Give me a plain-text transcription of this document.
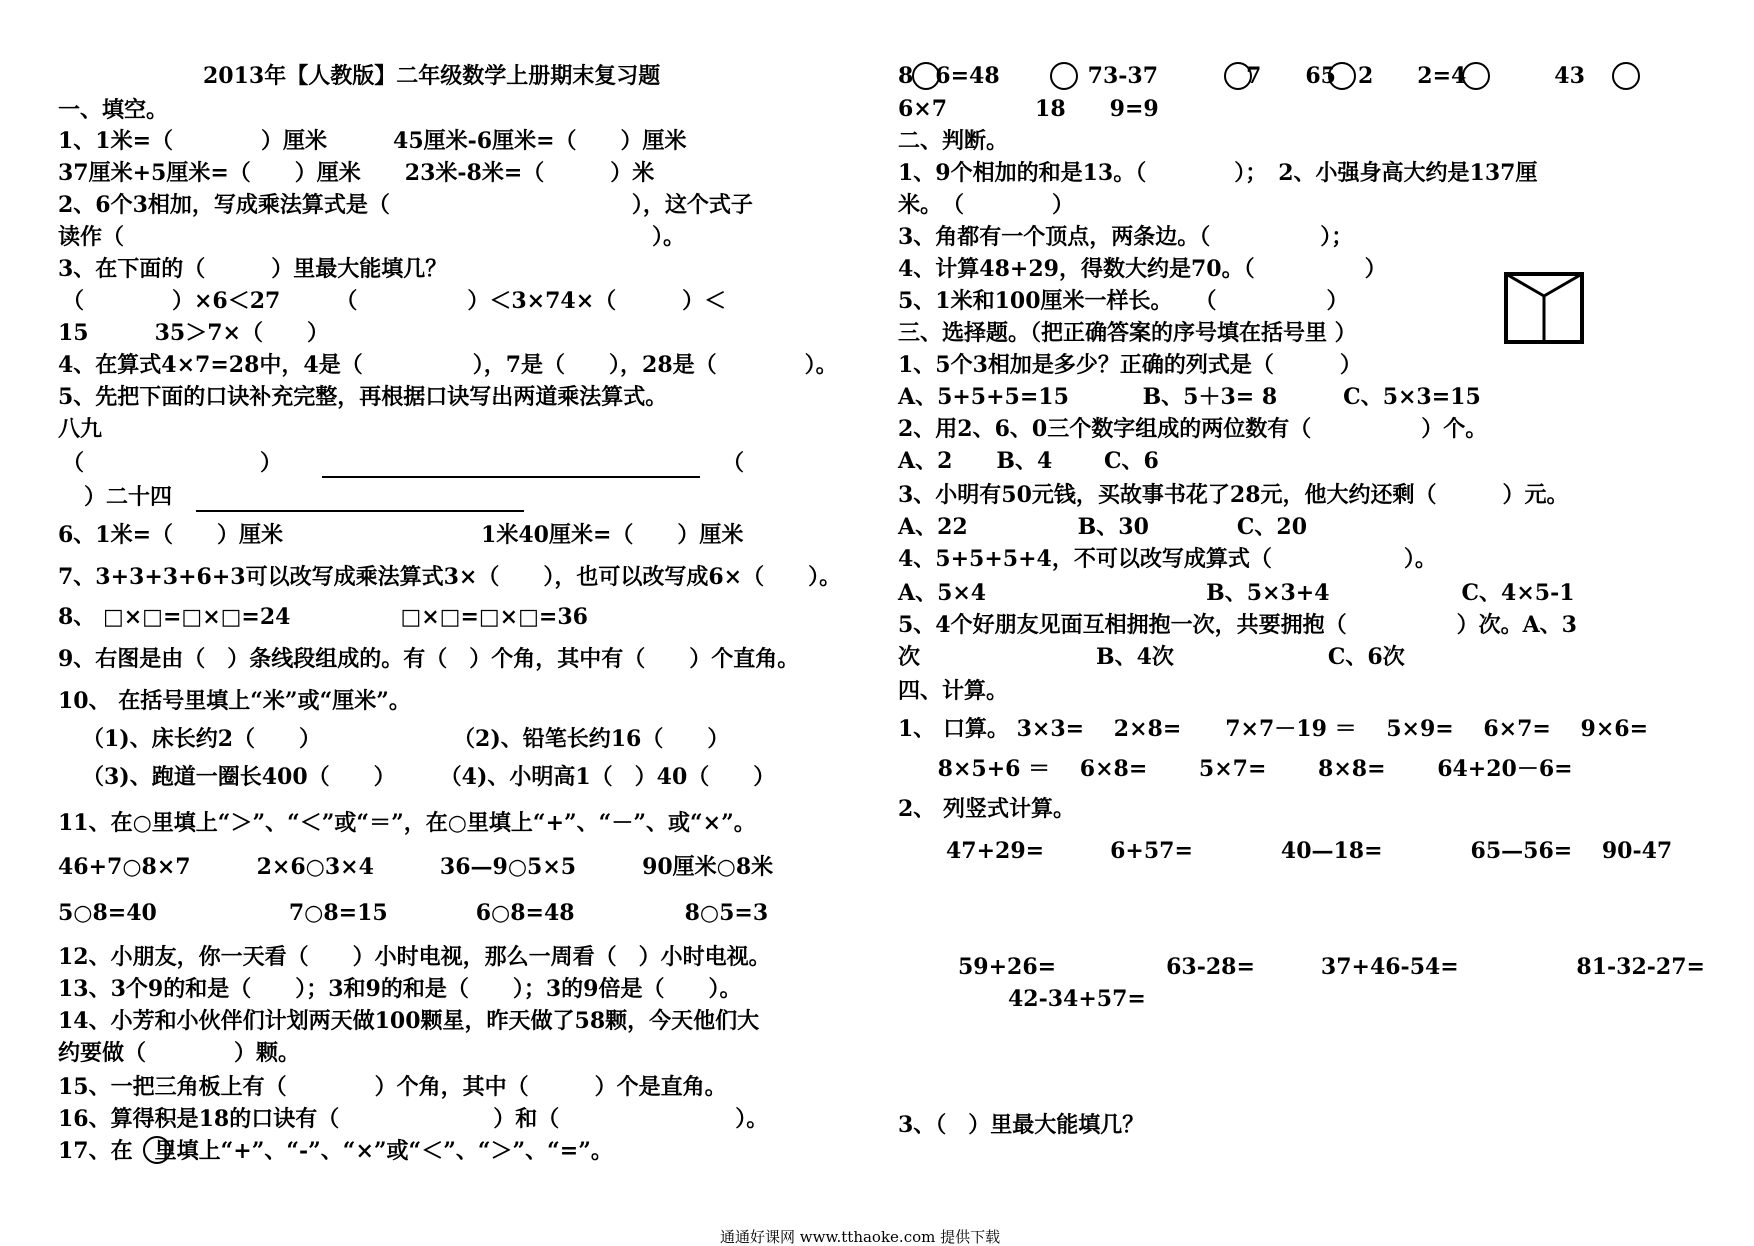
2013年【人教版】二年级数学上册期末复习题
一、填空。
1、1米=（　　　　）厘米　　　45厘米-6厘米=（　　）厘米
37厘米+5厘米=（　　）厘米　　23米-8米=（　　　）米
2、6个3相加，写成乘法算式是（　　　　　　　　　　　），这个式子
读作（　　　　　　　　　　　　　　　　　　　　　　　　）。
3、在下面的（　　　）里最大能填几？
（　　　　）×6＜27　　　（　　　　　）＜3×74×（　　　）＜
15　　　35＞7×（　　）
4、在算式4×7=28中，4是（　　　　　），7是（　　），28是（　　　　）。
5、先把下面的口诀补充完整，再根据口诀写出两道乘法算式。
八九
（　　　　　　　　）	（
　）二十四
6、1米=（　　）厘米　　　　　　　　　1米40厘米=（　　）厘米
7、3+3+3+6+3可以改写成乘法算式3×（　　），也可以改写成6×（　　）。
8、 □×□=□×□=24　　　　　□×□=□×□=36
9、右图是由（　）条线段组成的。有（　）个角，其中有（　　）个直角。
10、 在括号里填上“米”或“厘米”。
（1)、床长约2（　　）　　　　　　　（2)、铅笔长约16（　　）
（3)、跑道一圈长400（　　）　　　（4)、小明高1（　）40（　　）
11、在○里填上“＞”、“＜”或“＝”，在○里填上“+”、“－”、或“×”。
46+7○8×7　　　2×6○3×4　　　36—9○5×5　　　90厘米○8米
5○8=40　　　　　　7○8=15　　　　6○8=48　　　　　8○5=3
12、小朋友，你一天看（　　）小时电视，那么一周看（　）小时电视。
13、3个9的和是（　　）；3和9的和是（　　）；3的9倍是（　　）。
14、小芳和小伙伴们计划两天做100颗星，昨天做了58颗，今天他们大
约要做（　　　　）颗。
15、一把三角板上有（　　　　）个角，其中（　　　）个是直角。
16、算得积是18的口诀有（　　　　　　　）和（　　　　　　　　）。
17、在　里填上“+”、“-”、“×”或“＜”、“＞”、“=”。
8　6=48　　　　73-37　　　　7　　65　2　　2=4　　　　43
6×7　　　　18　　9=9
二、判断。
1、9个相加的和是13。（　　　　）；　2、小强身高大约是137厘
米。　（　　　　）
3、角都有一个顶点，两条边。（　　　　　）；
4、计算48+29，得数大约是70。（　　　　　）
5、1米和100厘米一样长。　　（　　　　　）
三、选择题。（把正确答案的序号填在括号里 ）
1、5个3相加是多少？正确的列式是（　　　）
A、5+5+5=15　　　 B、5＋3= 8　　　C、5×3=15
2、用2、6、0三个数字组成的两位数有（　　　　　）个。
A、2　　B、4　　 C、6
3、小明有50元钱，买故事书花了28元，他大约还剩（　　　）元。
A、22　　　　　B、30　　　　C、20
4、5+5+5+4，不可以改写成算式（　　　　　　）。
A、5×4　　　　　　　　　　B、5×3+4　　　　　　C、4×5-1
5、4个好朋友见面互相拥抱一次，共要拥抱（　　　　　）次。A、3
次　　　　　　　　B、4次　　　　　　　C、6次
四、计算。
1、 口算。 3×3=　 2×8=　　7×7－19 ＝　 5×9=　 6×7=　 9×6=
　 8×5+6 ＝　 6×8=　　 5×7=　　 8×8=　　 64+20－6=
2、 列竖式计算。
47+29=　　　6+57=　　　　40—18=　　　　65—56=　 90-47
59+26=　　　　　63-28=　　　37+46-54=　　　　　 81-32-27=
42-34+57=
3、（　）里最大能填几？
通通好课网 www.tthaoke.com 提供下载
